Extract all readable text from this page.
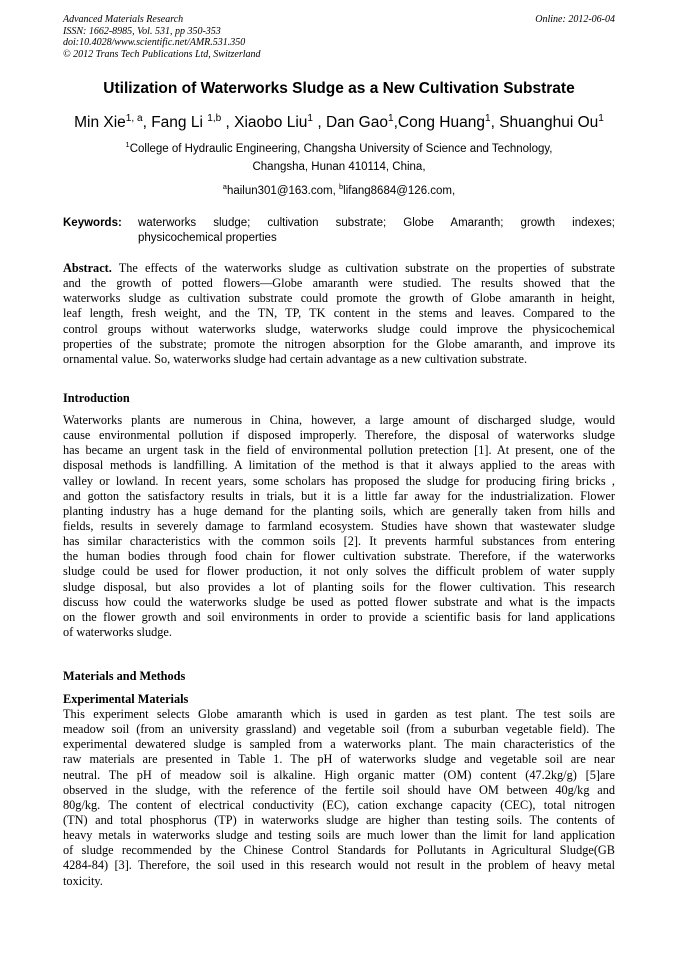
Advanced Materials Research
ISSN: 1662-8985, Vol. 531, pp 350-353
doi:10.4028/www.scientific.net/AMR.531.350
© 2012 Trans Tech Publications Ltd, Switzerland
Online: 2012-06-04
Utilization of Waterworks Sludge as a New Cultivation Substrate
Min Xie$^{1, a}$, Fang Li $^{1,b}$ , Xiaobo Liu$^1$ , Dan Gao$^1$,Cong Huang$^1$, Shuanghui Ou$^1$
$^1$College of Hydraulic Engineering, Changsha University of Science and Technology,
Changsha, Hunan 410114, China,
$^a$hailun301@163.com, $^b$lifang8684@126.com,
Keywords: waterworks sludge; cultivation substrate; Globe Amaranth; growth indexes;
physicochemical properties
Abstract. The effects of the waterworks sludge as cultivation substrate on the properties of substrate
and the growth of potted flowers—Globe amaranth were studied. The results showed that the
waterworks sludge as cultivation substrate could promote the growth of Globe amaranth in height,
leaf length, fresh weight, and the TN, TP, TK content in the stems and leaves. Compared to the
control groups without waterworks sludge, waterworks sludge could improve the physicochemical
properties of the substrate; promote the nitrogen absorption for the Globe amaranth, and improve its
ornamental value. So, waterworks sludge had certain advantage as a new cultivation substrate.
Introduction
Waterworks plants are numerous in China, however, a large amount of discharged sludge, would
cause environmental pollution if disposed improperly. Therefore, the disposal of waterworks sludge
has became an urgent task in the field of environmental pollution pretection [1]. At present, one of the
disposal methods is landfilling. A limitation of the method is that it always applied to the areas with
valley or lowland. In recent years, some scholars has proposed the sludge for producing firing bricks ,
and gotton the satisfactory results in trials, but it is a little far away for the industrialization. Flower
planting industry has a huge demand for the planting soils, which are generally taken from hills and
fields, results in severely damage to farmland ecosystem. Studies have shown that wastewater sludge
has similar characteristics with the common soils [2]. It prevents harmful substances from entering
the human bodies through food chain for flower cultivation substrate. Therefore, if the waterworks
sludge could be used for flower production, it not only solves the difficult problem of water supply
sludge disposal, but also provides a lot of planting soils for the flower cultivation. This research
discuss how could the waterworks sludge be used as potted flower substrate and what is the impacts
on the flower growth and soil environments in order to provide a scientific basis for land applications
of waterworks sludge.
Materials and Methods
Experimental Materials
This experiment selects Globe amaranth which is used in garden as test plant. The test soils are
meadow soil (from an university grassland) and vegetable soil (from a suburban vegetable field). The
experimental dewatered sludge is sampled from a waterworks plant. The main characteristics of the
raw materials are presented in Table 1. The pH of waterworks sludge and vegetable soil are near
neutral. The pH of meadow soil is alkaline. High organic matter (OM) content (47.2kg/g) [5]are
observed in the sludge, with the reference of the fertile soil should have OM between 40g/kg and
80g/kg. The content of electrical conductivity (EC), cation exchange capacity (CEC), total nitrogen
(TN) and total phosphorus (TP) in waterworks sludge are higher than testing soils. The contents of
heavy metals in waterworks sludge and testing soils are much lower than the limit for land application
of sludge recommended by the Chinese Control Standards for Pollutants in Agricultural Sludge(GB
4284-84) [3]. Therefore, the soil used in this research would not result in the problem of heavy metal
toxicity.
